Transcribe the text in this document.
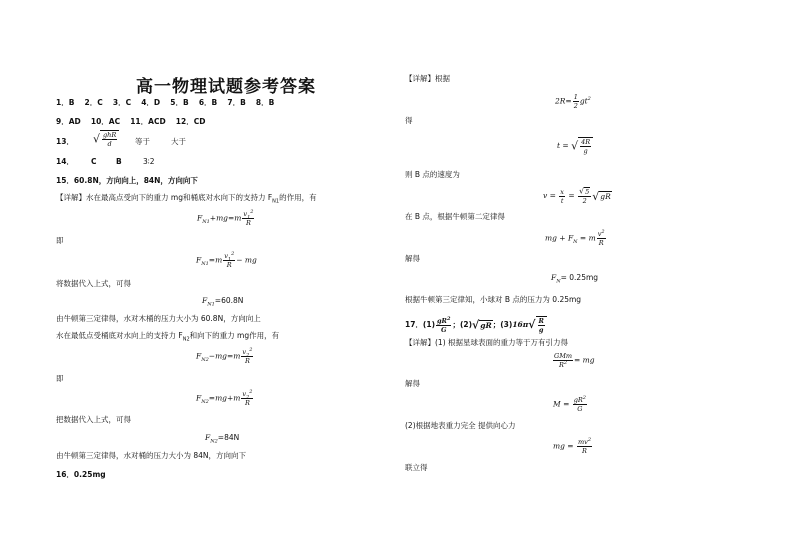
高一物理试题参考答案
1．B　 2．C　 3．C　 4．D　 5．B　 6．B　 7．B　 8．B
9．AD　 10．AC　 11．ACD　 12．CD
13． √ $\frac{\text{ghR}}{d}$ 等于	大于
14． C	B	3∶2
15．60.8N，方向向上，84N，方向向下
【详解】水在最高点受向下的重力 mg和桶底对水向下的支持力 $F_{N1}$的作用，有
$F_{N1}+mg=m \frac{v_1^2}{R}$
即
$F_{N1}=m \frac{v_1^2}{R}$ − mg
将数据代入上式，可得
$F_{N1}=60.8N$
由牛顿第三定律得，水对木桶的压力大小为 60.8N，方向向上
水在最低点受桶底对水向上的支持力 $F_{N2}$和向下的重力 mg作用，有
$F_{N2}-mg=m \frac{v_2^2}{R}$
即
$F_{N2}=mg+m \frac{v_2^2}{R}$
把数据代入上式，可得
$F_{N2}=84N$
由牛顿第三定律得，水对桶的压力大小为 84N，方向向下
16．0.25mg
【详解】根据
$2R= \frac{1}{2} gt^2$
得
t = √ $\frac{4R}{g}$
则 B 点的速度为
$v = \frac{x}{t} = \frac{√5}{2} √gR$
在 B 点，根据牛顿第二定律得
mg + $F_N = m \frac{v^2}{R}$
解得
$F_N= 0.25mg$
根据牛顿第三定律知，小球对 B 点的压力为 0.25mg
17．$(1) \frac{gR^2}{G}$ ；(2)√gR；$(3)16\pi√ \frac{R}{g}$
【详解】(1) 根据星球表面的重力等于万有引力得
$\frac{\text{GMm}}{R^2}$ = mg
解得
$M = \frac{gR^2}{G}$
(2)根据地表重力完全 提供向心力
mg = $\frac{mv^2}{R}$
联立得
